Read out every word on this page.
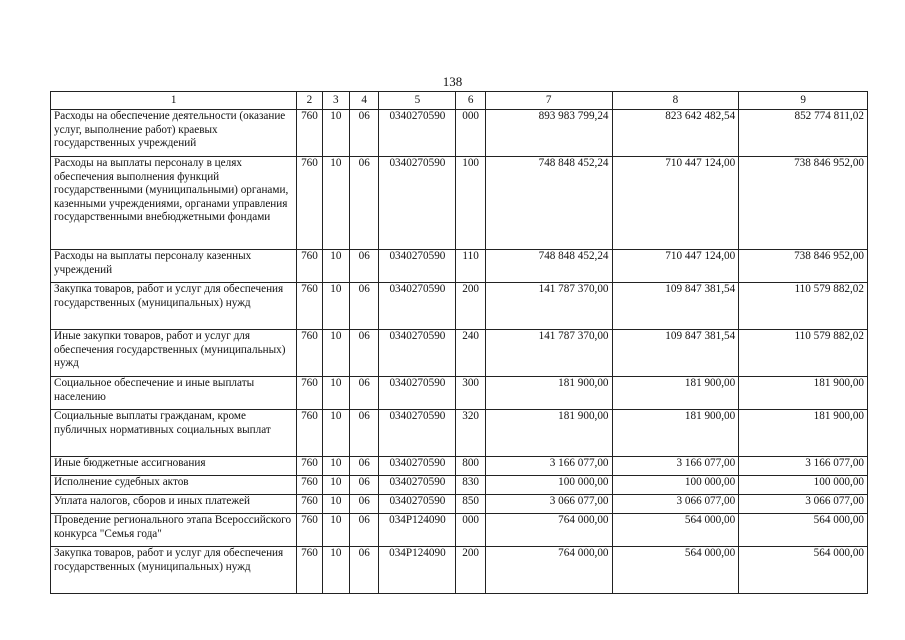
138
1	2	3	4	5	6	7	8	9
Расходы на обеспечение деятельности (оказание услуг, выполнение работ) краевых государственных учреждений	760	10	06	0340270590	000	893 983 799,24	823 642 482,54	852 774 811,02
Расходы на выплаты персоналу в целях обеспечения выполнения функций государственными (муниципальными) органами, казенными учреждениями, органами управления государственными внебюджетными фондами	760	10	06	0340270590	100	748 848 452,24	710 447 124,00	738 846 952,00
Расходы на выплаты персоналу казенных учреждений	760	10	06	0340270590	110	748 848 452,24	710 447 124,00	738 846 952,00
Закупка товаров, работ и услуг для обеспечения государственных (муниципальных) нужд	760	10	06	0340270590	200	141 787 370,00	109 847 381,54	110 579 882,02
Иные закупки товаров, работ и услуг для обеспечения государственных (муниципальных) нужд	760	10	06	0340270590	240	141 787 370,00	109 847 381,54	110 579 882,02
Социальное обеспечение и иные выплаты населению	760	10	06	0340270590	300	181 900,00	181 900,00	181 900,00
Социальные выплаты гражданам, кроме публичных нормативных социальных выплат	760	10	06	0340270590	320	181 900,00	181 900,00	181 900,00
Иные бюджетные ассигнования	760	10	06	0340270590	800	3 166 077,00	3 166 077,00	3 166 077,00
Исполнение судебных актов	760	10	06	0340270590	830	100 000,00	100 000,00	100 000,00
Уплата налогов, сборов и иных платежей	760	10	06	0340270590	850	3 066 077,00	3 066 077,00	3 066 077,00
Проведение регионального этапа Всероссийского конкурса "Семья года"	760	10	06	034P124090	000	764 000,00	564 000,00	564 000,00
Закупка товаров, работ и услуг для обеспечения государственных (муниципальных) нужд	760	10	06	034P124090	200	764 000,00	564 000,00	564 000,00
